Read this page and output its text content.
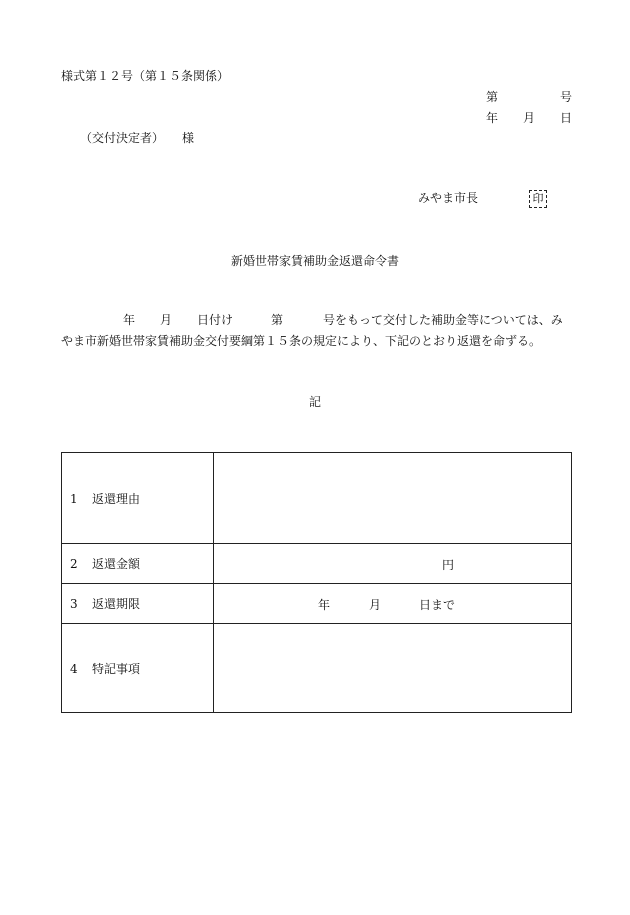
様式第１２号（第１５条関係）
第	号
年 月 日
（交付決定者） 様
みやま市長	印
新婚世帯家賃補助金返還命令書
年 月 日付け	第	号をもって交付した補助金等については、み
やま市新婚世帯家賃補助金交付要綱第１５条の規定により、下記のとおり返還を命ずる。
記
1 返還理由	
2 返還金額	円

3 返還期限	年 月 日まで

4 特記事項	
